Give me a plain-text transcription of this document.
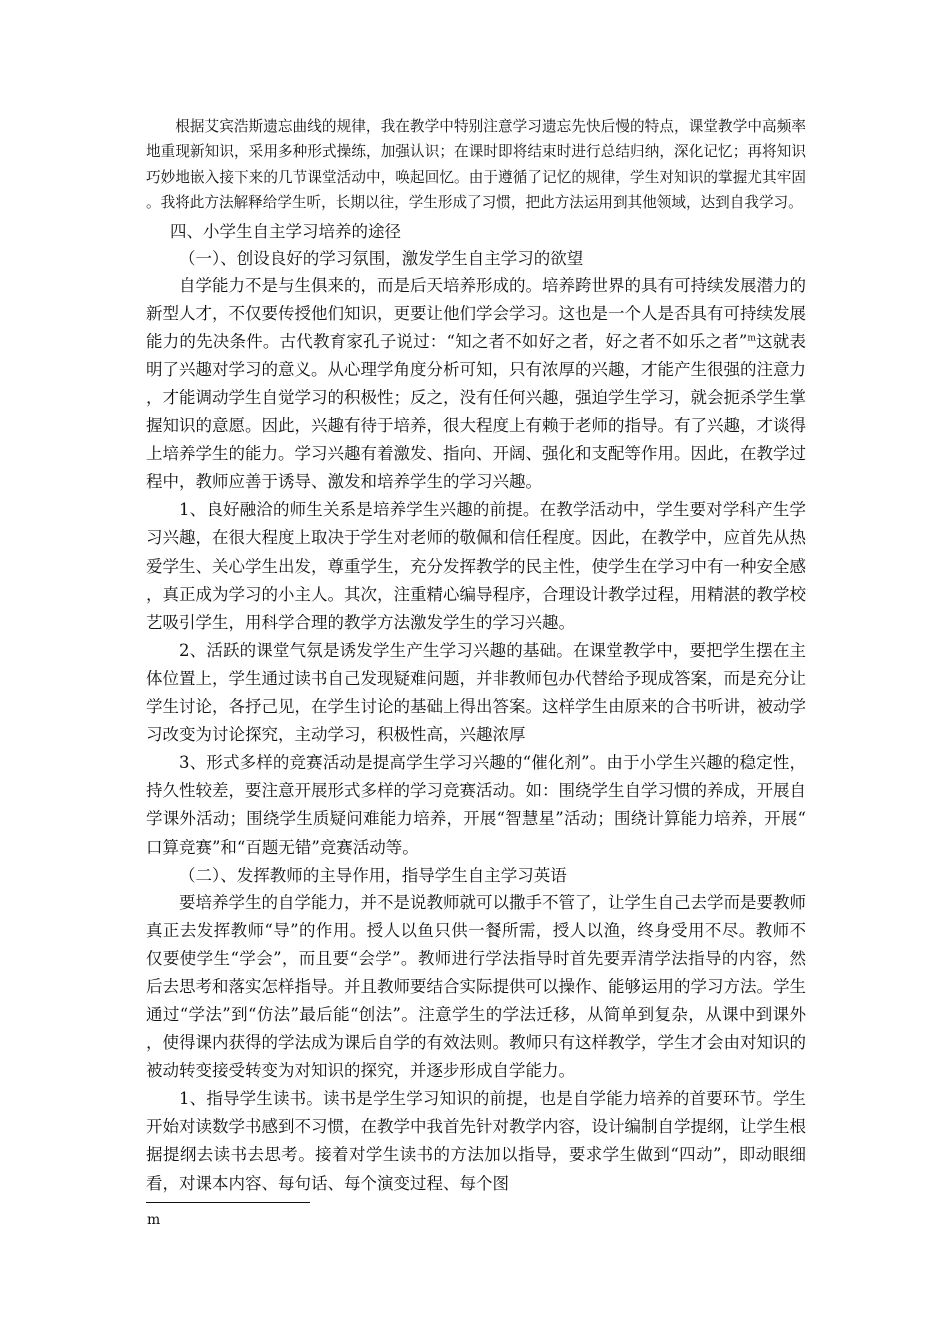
根据艾宾浩斯遗忘曲线的规律，我在教学中特别注意学习遗忘先快后慢的特点，课堂教学中高频率地重现新知识，采用多种形式操练，加强认识；在课时即将结束时进行总结归纳，深化记忆；再将知识巧妙地嵌入接下来的几节课堂活动中，唤起回忆。由于遵循了记忆的规律，学生对知识的掌握尤其牢固。我将此方法解释给学生听，长期以往，学生形成了习惯，把此方法运用到其他领域，达到自我学习。

四、小学生自主学习培养的途径

（一）、创设良好的学习氛围，激发学生自主学习的欲望

自学能力不是与生俱来的，而是后天培养形成的。培养跨世界的具有可持续发展潜力的新型人才，不仅要传授他们知识，更要让他们学会学习。这也是一个人是否具有可持续发展能力的先决条件。古代教育家孔子说过：“知之者不如好之者，好之者不如乐之者”$^m$这就表明了兴趣对学习的意义。从心理学角度分析可知，只有浓厚的兴趣，才能产生很强的注意力，才能调动学生自觉学习的积极性；反之，没有任何兴趣，强迫学生学习，就会扼杀学生掌握知识的意愿。因此，兴趣有待于培养，很大程度上有赖于老师的指导。有了兴趣，才谈得上培养学生的能力。学习兴趣有着激发、指向、开阔、强化和支配等作用。因此，在教学过程中，教师应善于诱导、激发和培养学生的学习兴趣。

1、良好融洽的师生关系是培养学生兴趣的前提。在教学活动中，学生要对学科产生学习兴趣，在很大程度上取决于学生对老师的敬佩和信任程度。因此，在教学中，应首先从热爱学生、关心学生出发，尊重学生，充分发挥教学的民主性，使学生在学习中有一种安全感，真正成为学习的小主人。其次，注重精心编导程序，合理设计教学过程，用精湛的教学校艺吸引学生，用科学合理的教学方法激发学生的学习兴趣。

2、活跃的课堂气氛是诱发学生产生学习兴趣的基础。在课堂教学中，要把学生摆在主体位置上，学生通过读书自己发现疑难问题，并非教师包办代替给予现成答案，而是充分让学生讨论，各抒己见，在学生讨论的基础上得出答案。这样学生由原来的合书听讲，被动学习改变为讨论探究，主动学习，积极性高，兴趣浓厚

3、形式多样的竞赛活动是提高学生学习兴趣的“催化剂”。由于小学生兴趣的稳定性，持久性较差，要注意开展形式多样的学习竞赛活动。如：围绕学生自学习惯的养成，开展自学课外活动；围绕学生质疑问难能力培养，开展“智慧星”活动；围绕计算能力培养，开展“口算竞赛”和“百题无错”竞赛活动等。

（二）、发挥教师的主导作用，指导学生自主学习英语

要培养学生的自学能力，并不是说教师就可以撒手不管了，让学生自己去学而是要教师真正去发挥教师“导”的作用。授人以鱼只供一餐所需，授人以渔，终身受用不尽。教师不仅要使学生“学会”，而且要“会学”。教师进行学法指导时首先要弄清学法指导的内容，然后去思考和落实怎样指导。并且教师要结合实际提供可以操作、能够运用的学习方法。学生通过“学法”到“仿法”最后能“创法”。注意学生的学法迁移，从简单到复杂，从课中到课外，使得课内获得的学法成为课后自学的有效法则。教师只有这样教学，学生才会由对知识的被动转变接受转变为对知识的探究，并逐步形成自学能力。

1、指导学生读书。读书是学生学习知识的前提，也是自学能力培养的首要环节。学生开始对读数学书感到不习惯，在教学中我首先针对教学内容，设计编制自学提纲，让学生根据提纲去读书去思考。接着对学生读书的方法加以指导，要求学生做到“四动”，即动眼细看，对课本内容、每句话、每个演变过程、每个图

m
